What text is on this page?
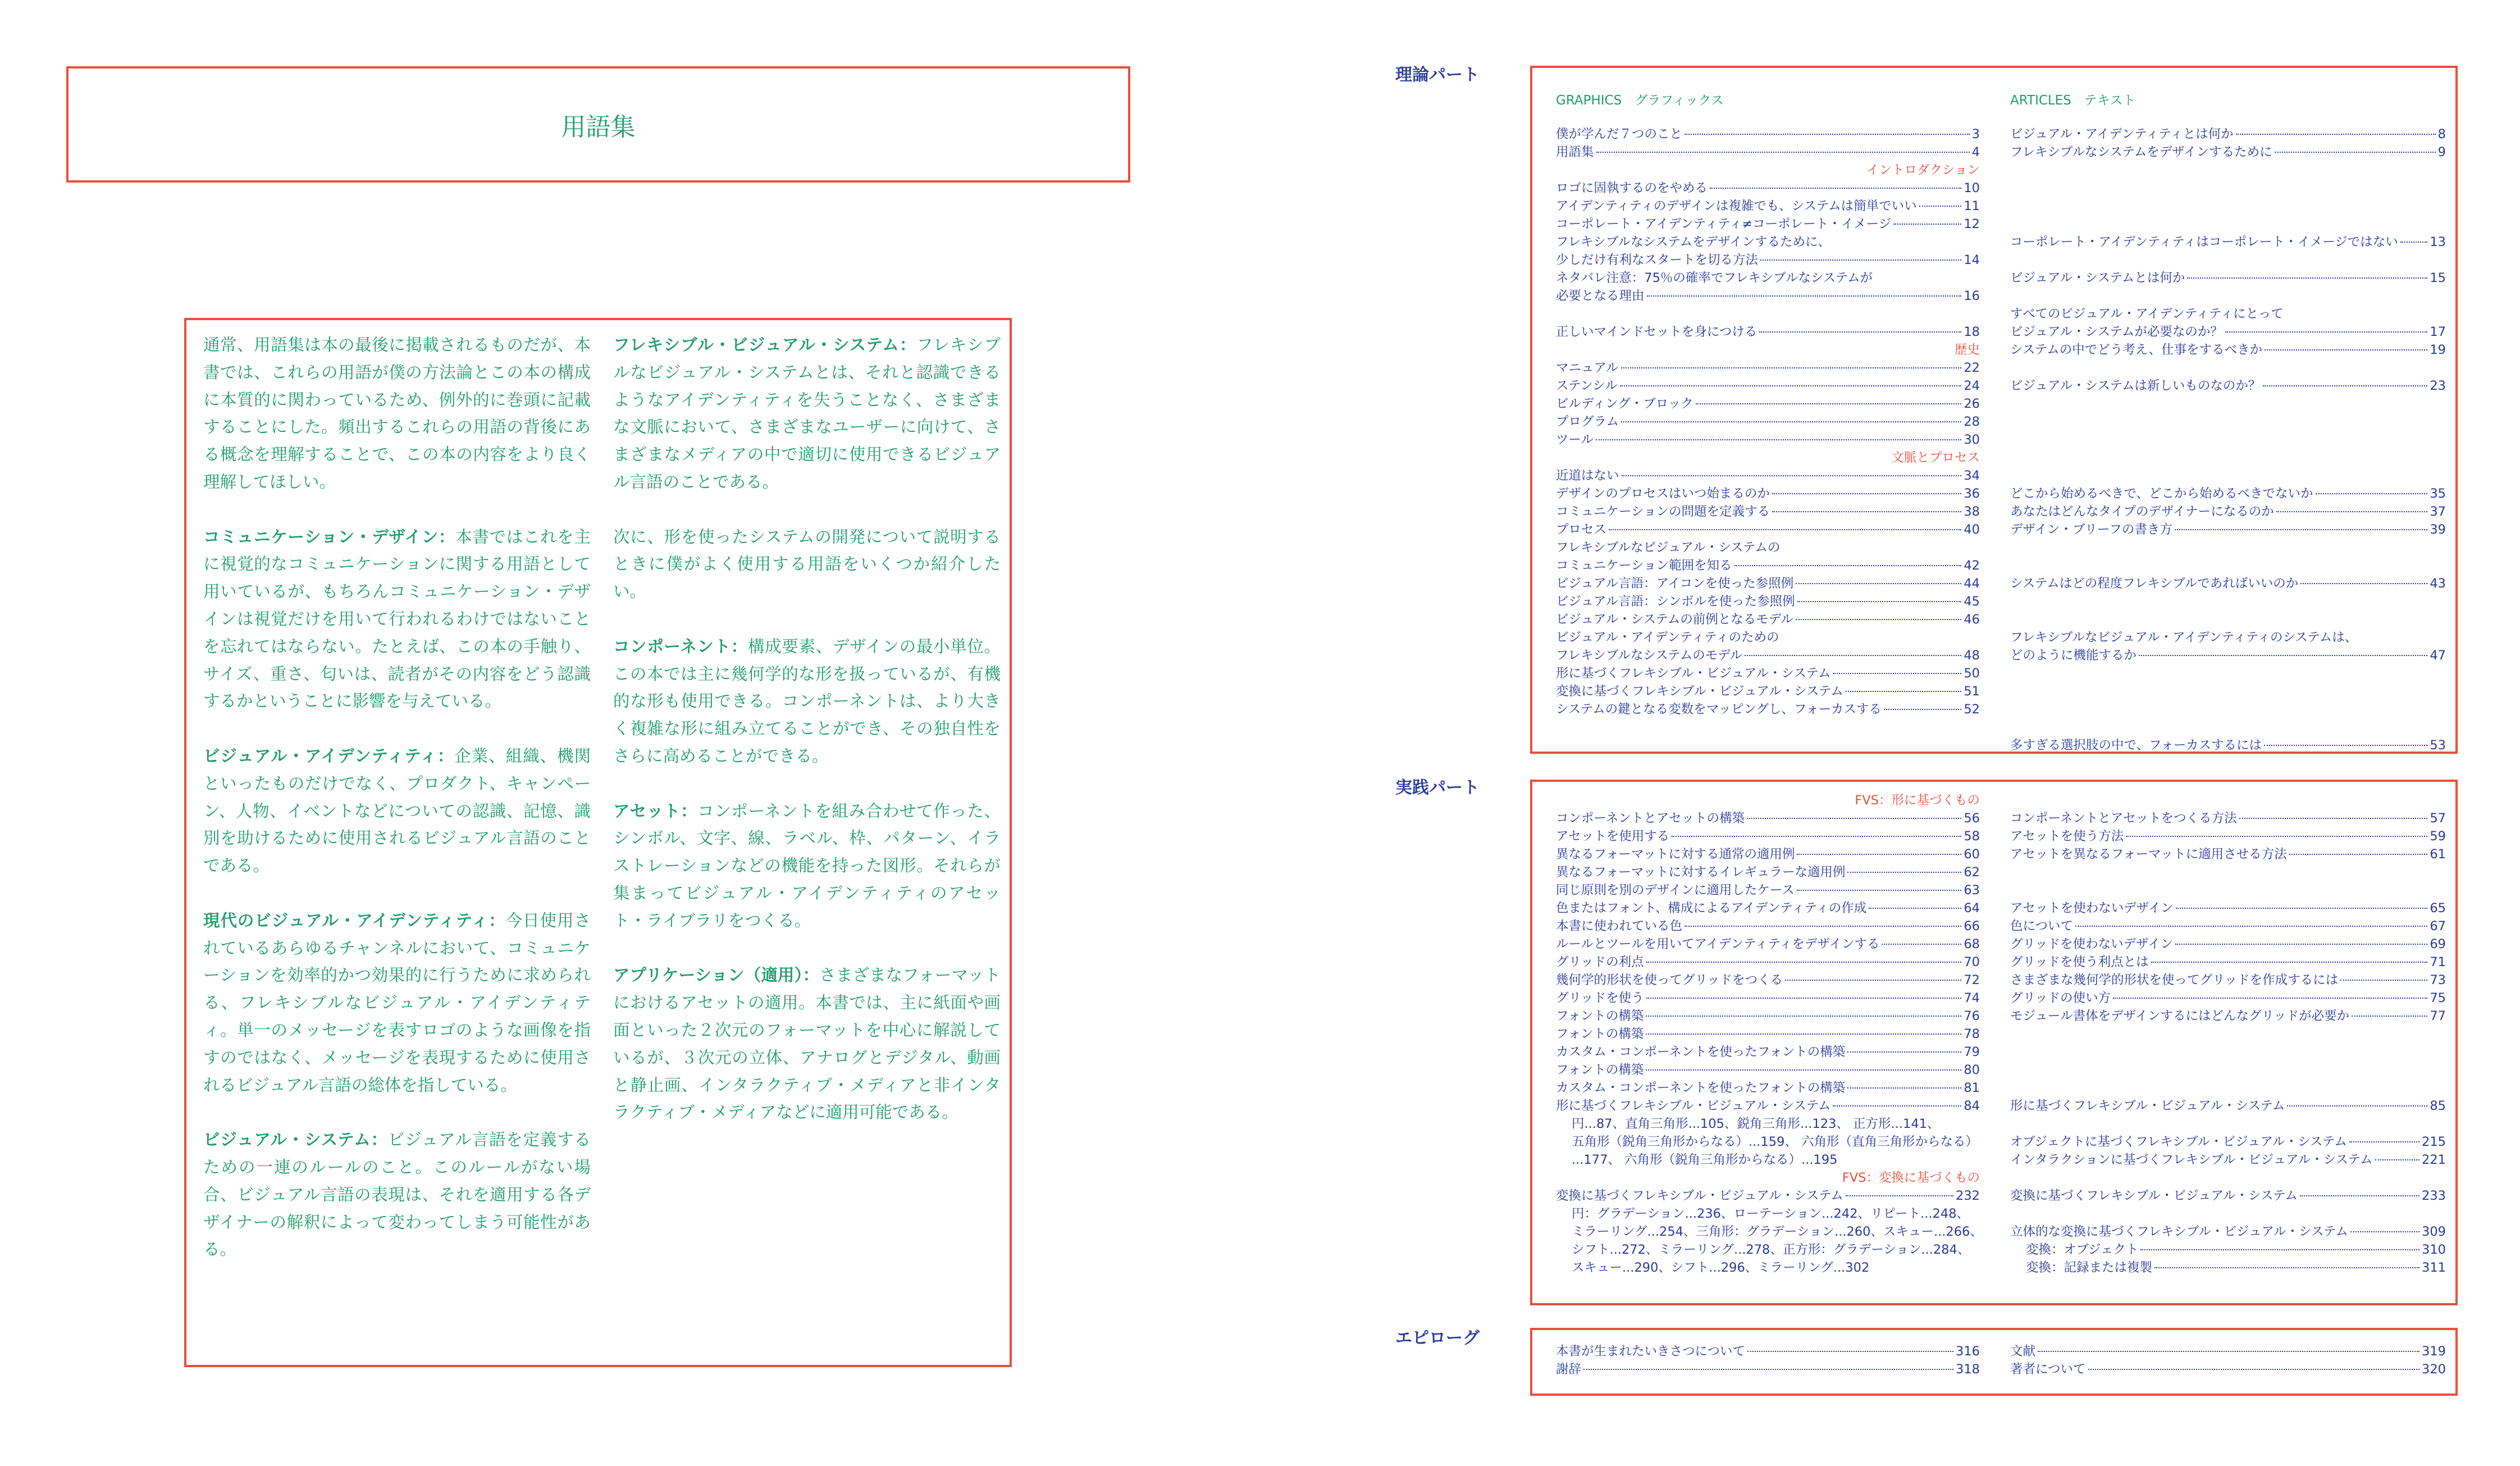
用語集

通常、用語集は本の最後に掲載されるものだが、本書では、これらの用語が僕の方法論とこの本の構成に本質的に関わっているため、例外的に巻頭に記載することにした。頻出するこれらの用語の背後にある概念を理解することで、この本の内容をより良く理解してほしい。

コミュニケーション・デザイン：本書ではこれを主に視覚的なコミュニケーションに関する用語として用いているが、もちろんコミュニケーション・デザインは視覚だけを用いて行われるわけではないことを忘れてはならない。たとえば、この本の手触り、サイズ、重さ、匂いは、読者がその内容をどう認識するかということに影響を与えている。

ビジュアル・アイデンティティ：企業、組織、機関といったものだけでなく、プロダクト、キャンペーン、人物、イベントなどについての認識、記憶、識別を助けるために使用されるビジュアル言語のことである。

現代のビジュアル・アイデンティティ：今日使用されているあらゆるチャンネルにおいて、コミュニケーションを効率的かつ効果的に行うために求められる、フレキシブルなビジュアル・アイデンティティ。単一のメッセージを表すロゴのような画像を指すのではなく、メッセージを表現するために使用されるビジュアル言語の総体を指している。

ビジュアル・システム：ビジュアル言語を定義するための一連のルールのこと。このルールがない場合、ビジュアル言語の表現は、それを適用する各デザイナーの解釈によって変わってしまう可能性がある。

フレキシブル・ビジュアル・システム：フレキシブルなビジュアル・システムとは、それと認識できるようなアイデンティティを失うことなく、さまざまな文脈において、さまざまなユーザーに向けて、さまざまなメディアの中で適切に使用できるビジュアル言語のことである。

次に、形を使ったシステムの開発について説明するときに僕がよく使用する用語をいくつか紹介したい。

コンポーネント：構成要素、デザインの最小単位。この本では主に幾何学的な形を扱っているが、有機的な形も使用できる。コンポーネントは、より大きく複雑な形に組み立てることができ、その独自性をさらに高めることができる。

アセット：コンポーネントを組み合わせて作った、シンボル、文字、線、ラベル、枠、パターン、イラストレーションなどの機能を持った図形。それらが集まってビジュアル・アイデンティティのアセット・ライブラリをつくる。

アプリケーション（適用）：さまざまなフォーマットにおけるアセットの適用。本書では、主に紙面や画面といった２次元のフォーマットを中心に解説しているが、３次元の立体、アナログとデジタル、動画と静止画、インタラクティブ・メディアと非インタラクティブ・メディアなどに適用可能である。

理論パート
実践パート
エピローグ
GRAPHICS　グラフィックス
僕が学んだ７つのこと	3
用語集	4
イントロダクション
ロゴに固執するのをやめる	10
アイデンティティのデザインは複雑でも、システムは簡単でいい	11
コーポレート・アイデンティティ≠コーポレート・イメージ	12
フレキシブルなシステムをデザインするために、
少しだけ有利なスタートを切る方法	14
ネタバレ注意：75％の確率でフレキシブルなシステムが
必要となる理由	16
正しいマインドセットを身につける	18
歴史
マニュアル	22
ステンシル	24
ビルディング・ブロック	26
プログラム	28
ツール	30
文脈とプロセス
近道はない	34
デザインのプロセスはいつ始まるのか	36
コミュニケーションの問題を定義する	38
プロセス	40
フレキシブルなビジュアル・システムの
コミュニケーション範囲を知る	42
ビジュアル言語：アイコンを使った参照例	44
ビジュアル言語：シンボルを使った参照例	45
ビジュアル・システムの前例となるモデル	46
ビジュアル・アイデンティティのための
フレキシブルなシステムのモデル	48
形に基づくフレキシブル・ビジュアル・システム	50
変換に基づくフレキシブル・ビジュアル・システム	51
システムの鍵となる変数をマッピングし、フォーカスする	52
ARTICLES　テキスト
ビジュアル・アイデンティティとは何か	8
フレキシブルなシステムをデザインするために	9
コーポレート・アイデンティティはコーポレート・イメージではない	13
ビジュアル・システムとは何か	15
すべてのビジュアル・アイデンティティにとって
ビジュアル・システムが必要なのか？	17
システムの中でどう考え、仕事をするべきか	19
ビジュアル・システムは新しいものなのか？	23
どこから始めるべきで、どこから始めるべきでないか	35
あなたはどんなタイプのデザイナーになるのか	37
デザイン・ブリーフの書き方	39
システムはどの程度フレキシブルであればいいのか	43
フレキシブルなビジュアル・アイデンティティのシステムは、
どのように機能するか	47
多すぎる選択肢の中で、フォーカスするには	53
FVS：形に基づくもの
コンポーネントとアセットの構築	56
アセットを使用する	58
異なるフォーマットに対する通常の適用例	60
異なるフォーマットに対するイレギュラーな適用例	62
同じ原則を別のデザインに適用したケース	63
色またはフォント、構成によるアイデンティティの作成	64
本書に使われている色	66
ルールとツールを用いてアイデンティティをデザインする	68
グリッドの利点	70
幾何学的形状を使ってグリッドをつくる	72
グリッドを使う	74
フォントの構築	76
フォントの構築	78
カスタム・コンポーネントを使ったフォントの構築	79
フォントの構築	80
カスタム・コンポーネントを使ったフォントの構築	81
形に基づくフレキシブル・ビジュアル・システム	84
円...87、直角三角形...105、鋭角三角形...123、 正方形...141、
五角形（鋭角三角形からなる）...159、 六角形（直角三角形からなる）
...177、 六角形（鋭角三角形からなる）...195
FVS：変換に基づくもの
変換に基づくフレキシブル・ビジュアル・システム	232
円：グラデーション...236、ローテーション...242、リピート...248、
ミラーリング...254、三角形：グラデーション...260、スキュー...266、
シフト...272、ミラーリング...278、正方形：グラデーション...284、
スキュー...290、シフト...296、ミラーリング...302
コンポーネントとアセットをつくる方法	57
アセットを使う方法	59
アセットを異なるフォーマットに適用させる方法	61
アセットを使わないデザイン	65
色について	67
グリッドを使わないデザイン	69
グリッドを使う利点とは	71
さまざまな幾何学的形状を使ってグリッドを作成するには	73
グリッドの使い方	75
モジュール書体をデザインするにはどんなグリッドが必要か	77
形に基づくフレキシブル・ビジュアル・システム	85
オブジェクトに基づくフレキシブル・ビジュアル・システム	215
インタラクションに基づくフレキシブル・ビジュアル・システム	221
変換に基づくフレキシブル・ビジュアル・システム	233
立体的な変換に基づくフレキシブル・ビジュアル・システム	309
変換：オブジェクト	310
変換：記録または複製	311
本書が生まれたいきさつについて	316
謝辞	318
文献	319
著者について	320
